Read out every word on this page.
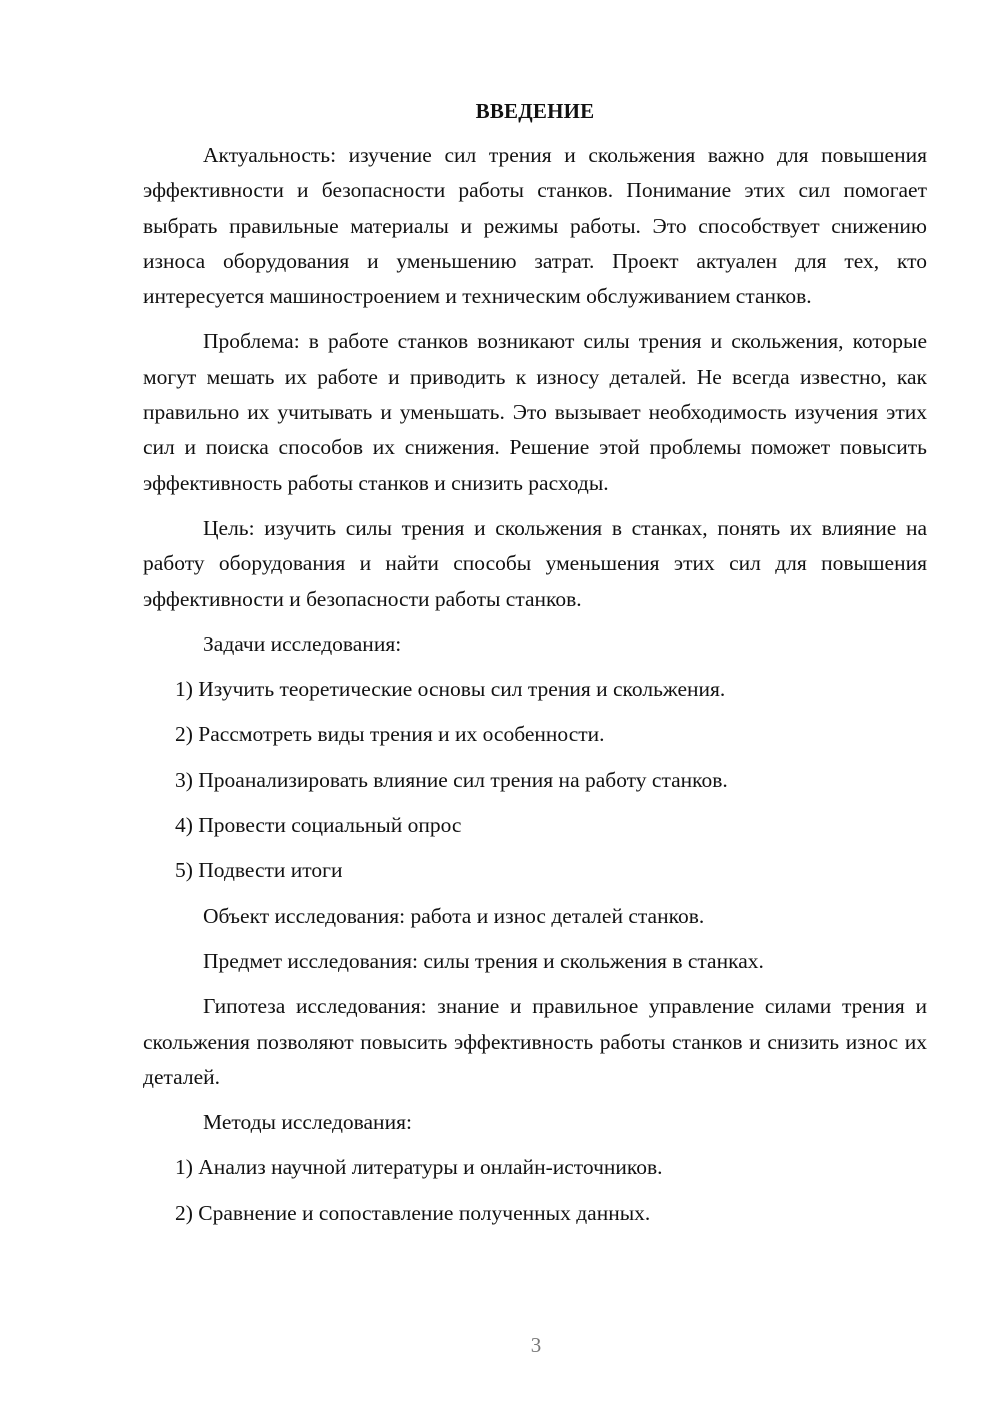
ВВЕДЕНИЕ

Актуальность: изучение сил трения и скольжения важно для повышения эффективности и безопасности работы станков. Понимание этих сил помогает выбрать правильные материалы и режимы работы. Это способствует снижению износа оборудования и уменьшению затрат. Проект актуален для тех, кто интересуется машиностроением и техническим обслуживанием станков.

Проблема: в работе станков возникают силы трения и скольжения, которые могут мешать их работе и приводить к износу деталей. Не всегда известно, как правильно их учитывать и уменьшать. Это вызывает необходимость изучения этих сил и поиска способов их снижения. Решение этой проблемы поможет повысить эффективность работы станков и снизить расходы.

Цель: изучить силы трения и скольжения в станках, понять их влияние на работу оборудования и найти способы уменьшения этих сил для повышения эффективности и безопасности работы станков.

Задачи исследования:

1) Изучить теоретические основы сил трения и скольжения.
2) Рассмотреть виды трения и их особенности.
3) Проанализировать влияние сил трения на работу станков.
4) Провести социальный опрос
5) Подвести итоги

Объект исследования: работа и износ деталей станков.

Предмет исследования: силы трения и скольжения в станках.

Гипотеза исследования: знание и правильное управление силами трения и скольжения позволяют повысить эффективность работы станков и снизить износ их деталей.

Методы исследования:

1) Анализ научной литературы и онлайн-источников.
2) Сравнение и сопоставление полученных данных.
3
